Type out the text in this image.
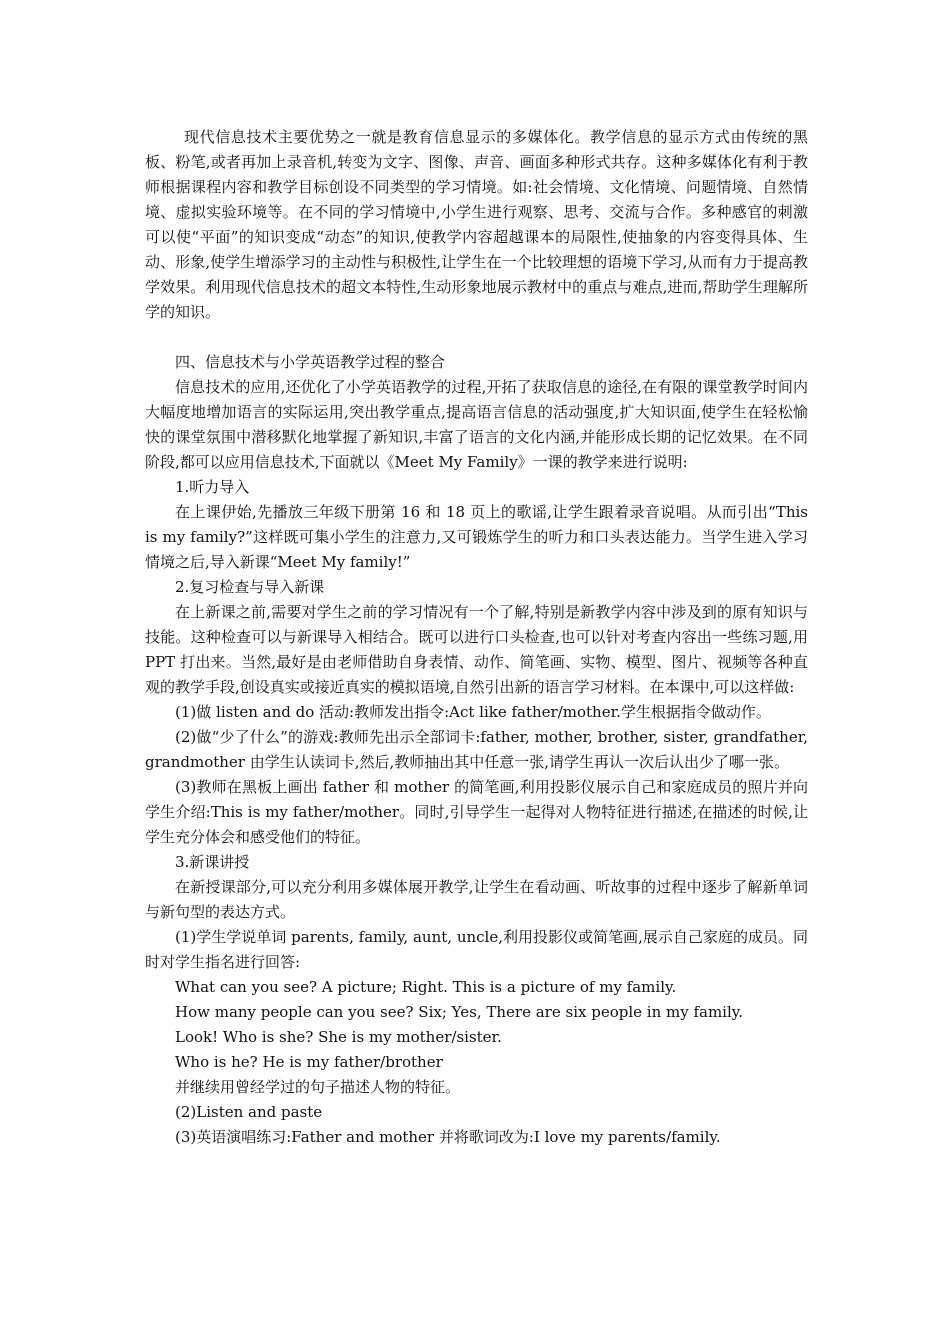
现代信息技术主要优势之一就是教育信息显示的多媒体化。教学信息的显示方式由传统的黑板、粉笔,或者再加上录音机,转变为文字、图像、声音、画面多种形式共存。这种多媒体化有利于教师根据课程内容和教学目标创设不同类型的学习情境。如:社会情境、文化情境、问题情境、自然情境、虚拟实验环境等。在不同的学习情境中,小学生进行观察、思考、交流与合作。多种感官的刺激可以使“平面”的知识变成“动态”的知识,使教学内容超越课本的局限性,使抽象的内容变得具体、生动、形象,使学生增添学习的主动性与积极性,让学生在一个比较理想的语境下学习,从而有力于提高教学效果。利用现代信息技术的超文本特性,生动形象地展示教材中的重点与难点,进而,帮助学生理解所学的知识。

四、信息技术与小学英语教学过程的整合

信息技术的应用,还优化了小学英语教学的过程,开拓了获取信息的途径,在有限的课堂教学时间内大幅度地增加语言的实际运用,突出教学重点,提高语言信息的活动强度,扩大知识面,使学生在轻松愉快的课堂氛围中潜移默化地掌握了新知识,丰富了语言的文化内涵,并能形成长期的记忆效果。在不同阶段,都可以应用信息技术,下面就以《Meet My Family》一课的教学来进行说明:

1.听力导入

在上课伊始,先播放三年级下册第 16 和 18 页上的歌谣,让学生跟着录音说唱。从而引出“This is my family?”这样既可集小学生的注意力,又可锻炼学生的听力和口头表达能力。当学生进入学习情境之后,导入新课“Meet My family!”

2.复习检查与导入新课

在上新课之前,需要对学生之前的学习情况有一个了解,特别是新教学内容中涉及到的原有知识与技能。这种检查可以与新课导入相结合。既可以进行口头检查,也可以针对考查内容出一些练习题,用 PPT 打出来。当然,最好是由老师借助自身表情、动作、简笔画、实物、模型、图片、视频等各种直观的教学手段,创设真实或接近真实的模拟语境,自然引出新的语言学习材料。在本课中,可以这样做:

(1)做 listen and do 活动:教师发出指令:Act like father/mother.学生根据指令做动作。

(2)做“少了什么”的游戏:教师先出示全部词卡:father, mother, brother, sister, grandfather, grandmother 由学生认读词卡,然后,教师抽出其中任意一张,请学生再认一次后认出少了哪一张。

(3)教师在黑板上画出 father 和 mother 的简笔画,利用投影仪展示自己和家庭成员的照片并向学生介绍:This is my father/mother。同时,引导学生一起得对人物特征进行描述,在描述的时候,让学生充分体会和感受他们的特征。

3.新课讲授

在新授课部分,可以充分利用多媒体展开教学,让学生在看动画、听故事的过程中逐步了解新单词与新句型的表达方式。

(1)学生学说单词 parents, family, aunt, uncle,利用投影仪或简笔画,展示自己家庭的成员。同时对学生指名进行回答:

What can you see? A picture; Right. This is a picture of my family.

How many people can you see? Six; Yes, There are six people in my family.

Look! Who is she? She is my mother/sister.

Who is he? He is my father/brother

并继续用曾经学过的句子描述人物的特征。

(2)Listen and paste

(3)英语演唱练习:Father and mother 并将歌词改为:I love my parents/family.
